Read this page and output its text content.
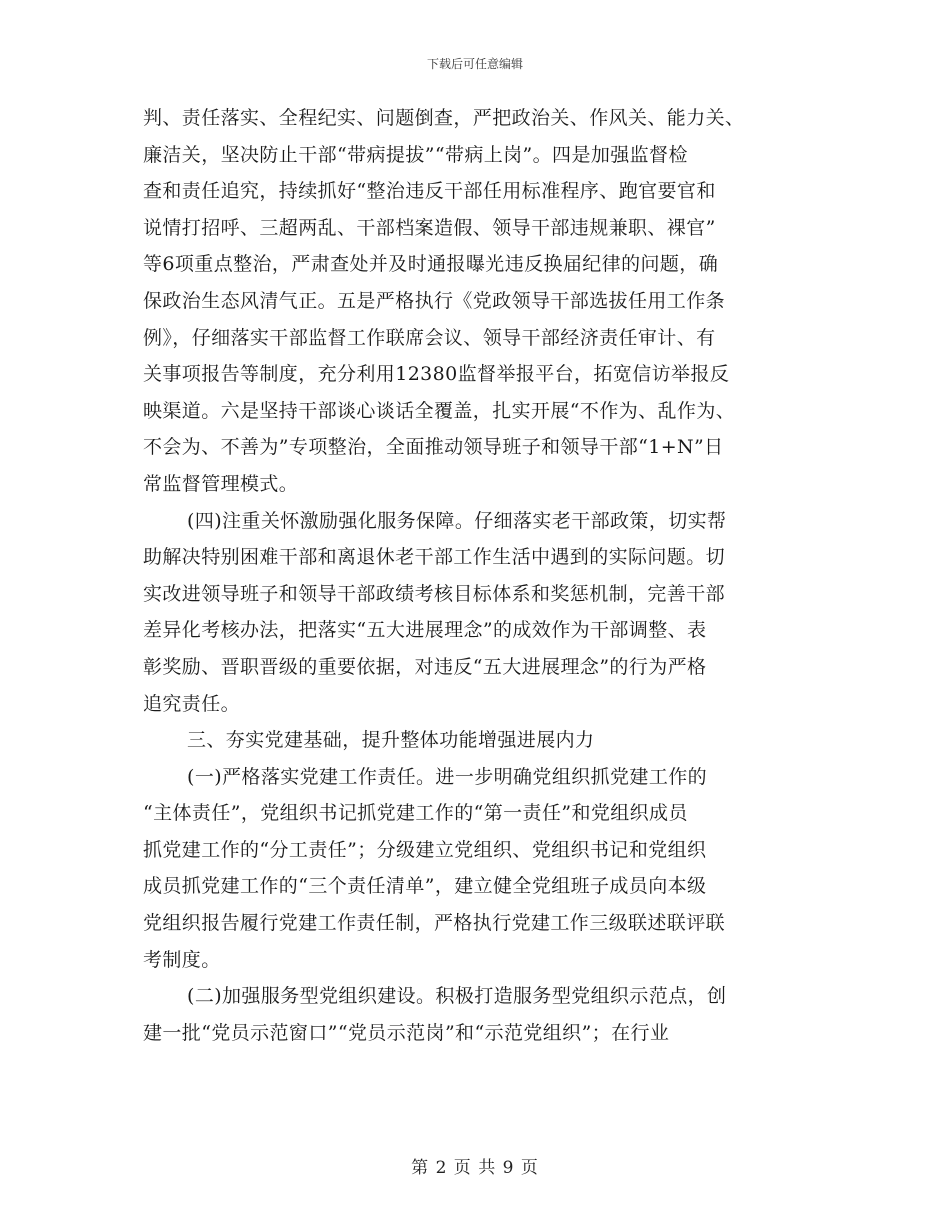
下载后可任意编辑
判、责任落实、全程纪实、问题倒查，严把政治关、作风关、能力关、
廉洁关，坚决防止干部“带病提拔”“带病上岗”。四是加强监督检
查和责任追究，持续抓好“整治违反干部任用标准程序、跑官要官和
说情打招呼、三超两乱、干部档案造假、领导干部违规兼职、裸官”
等6项重点整治，严肃查处并及时通报曝光违反换届纪律的问题，确
保政治生态风清气正。五是严格执行《党政领导干部选拔任用工作条
例》，仔细落实干部监督工作联席会议、领导干部经济责任审计、有
关事项报告等制度，充分利用12380监督举报平台，拓宽信访举报反
映渠道。六是坚持干部谈心谈话全覆盖，扎实开展“不作为、乱作为、
不会为、不善为”专项整治，全面推动领导班子和领导干部“1+N”日
常监督管理模式。
(四)注重关怀激励强化服务保障。仔细落实老干部政策，切实帮
助解决特别困难干部和离退休老干部工作生活中遇到的实际问题。切
实改进领导班子和领导干部政绩考核目标体系和奖惩机制，完善干部
差异化考核办法，把落实“五大进展理念”的成效作为干部调整、表
彰奖励、晋职晋级的重要依据，对违反“五大进展理念”的行为严格
追究责任。
三、夯实党建基础，提升整体功能增强进展内力
(一)严格落实党建工作责任。进一步明确党组织抓党建工作的
“主体责任”，党组织书记抓党建工作的“第一责任”和党组织成员
抓党建工作的“分工责任”；分级建立党组织、党组织书记和党组织
成员抓党建工作的“三个责任清单”，建立健全党组班子成员向本级
党组织报告履行党建工作责任制，严格执行党建工作三级联述联评联
考制度。
(二)加强服务型党组织建设。积极打造服务型党组织示范点，创
建一批“党员示范窗口”“党员示范岗”和“示范党组织”；在行业
第 2 页 共 9 页
